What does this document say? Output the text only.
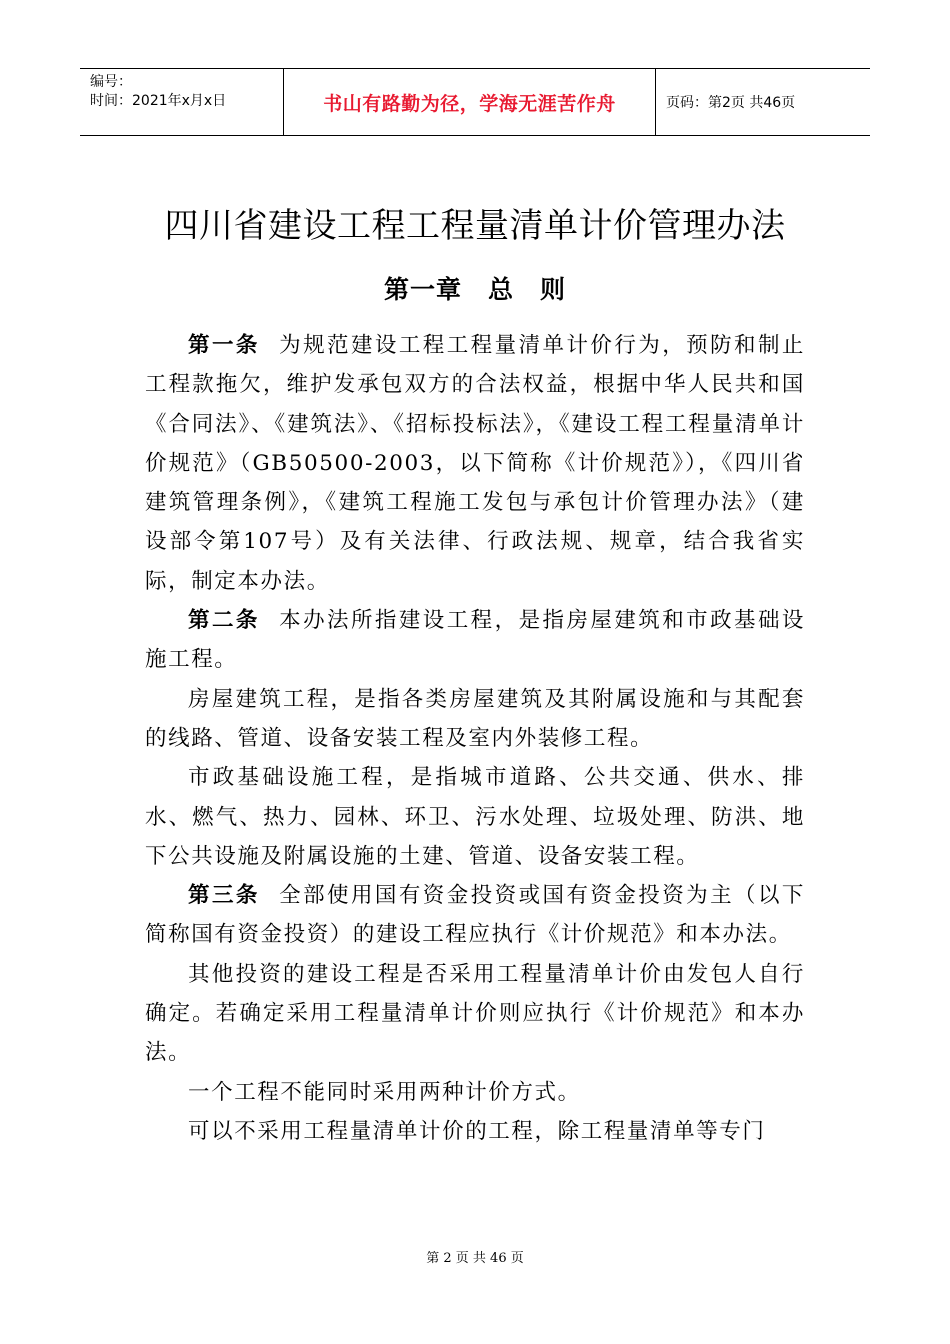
编号：
时间：2021年x月x日	书山有路勤为径，学海无涯苦作舟	页码：第2页 共46页
四川省建设工程工程量清单计价管理办法
第一章　总　则

第一条 为规范建设工程工程量清单计价行为，预防和制止工程款拖欠，维护发承包双方的合法权益，根据中华人民共和国《合同法》、《建筑法》、《招标投标法》，《建设工程工程量清单计价规范》（GB50500-2003，以下简称《计价规范》），《四川省建筑管理条例》，《建筑工程施工发包与承包计价管理办法》（建设部令第107号）及有关法律、行政法规、规章，结合我省实际，制定本办法。

第二条 本办法所指建设工程，是指房屋建筑和市政基础设施工程。

房屋建筑工程，是指各类房屋建筑及其附属设施和与其配套的线路、管道、设备安装工程及室内外装修工程。

市政基础设施工程，是指城市道路、公共交通、供水、排水、燃气、热力、园林、环卫、污水处理、垃圾处理、防洪、地下公共设施及附属设施的土建、管道、设备安装工程。

第三条 全部使用国有资金投资或国有资金投资为主（以下简称国有资金投资）的建设工程应执行《计价规范》和本办法。

其他投资的建设工程是否采用工程量清单计价由发包人自行确定。若确定采用工程量清单计价则应执行《计价规范》和本办法。

一个工程不能同时采用两种计价方式。

可以不采用工程量清单计价的工程，除工程量清单等专门

第 2 页 共 46 页
